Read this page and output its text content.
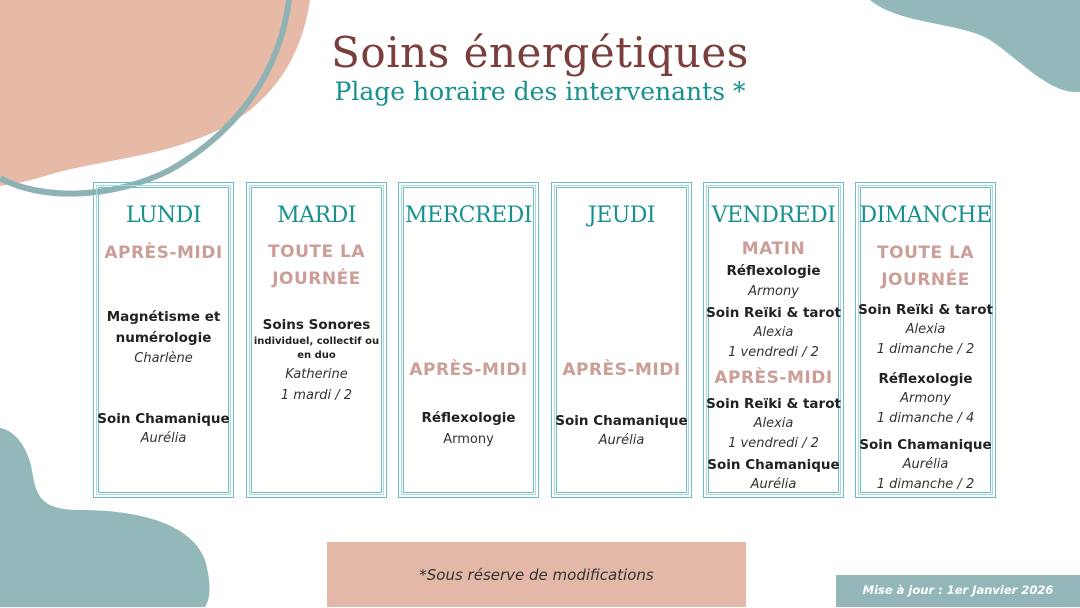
Soins énergétiques
Plage horaire des intervenants *
LUNDI
APRÈS-MIDI
Magnétisme et
numérologie
Charlène
Soin Chamanique
Aurélia
MARDI
TOUTE LA
JOURNÉE
Soins Sonores
individuel, collectif ou
en duo
Katherine
1 mardi / 2
MERCREDI
APRÈS-MIDI
Réflexologie
Armony
JEUDI
APRÈS-MIDI
Soin Chamanique
Aurélia
VENDREDI
MATIN
Réflexologie
Armony
Soin Reïki & tarot
Alexia
1 vendredi / 2
APRÈS-MIDI
Soin Reïki & tarot
Alexia
1 vendredi / 2
Soin Chamanique
Aurélia
DIMANCHE
TOUTE LA
JOURNÉE
Soin Reïki & tarot
Alexia
1 dimanche / 2
Réflexologie
Armony
1 dimanche / 4
Soin Chamanique
Aurélia
1 dimanche / 2
*Sous réserve de modifications
Mise à jour : 1er Janvier 2026
